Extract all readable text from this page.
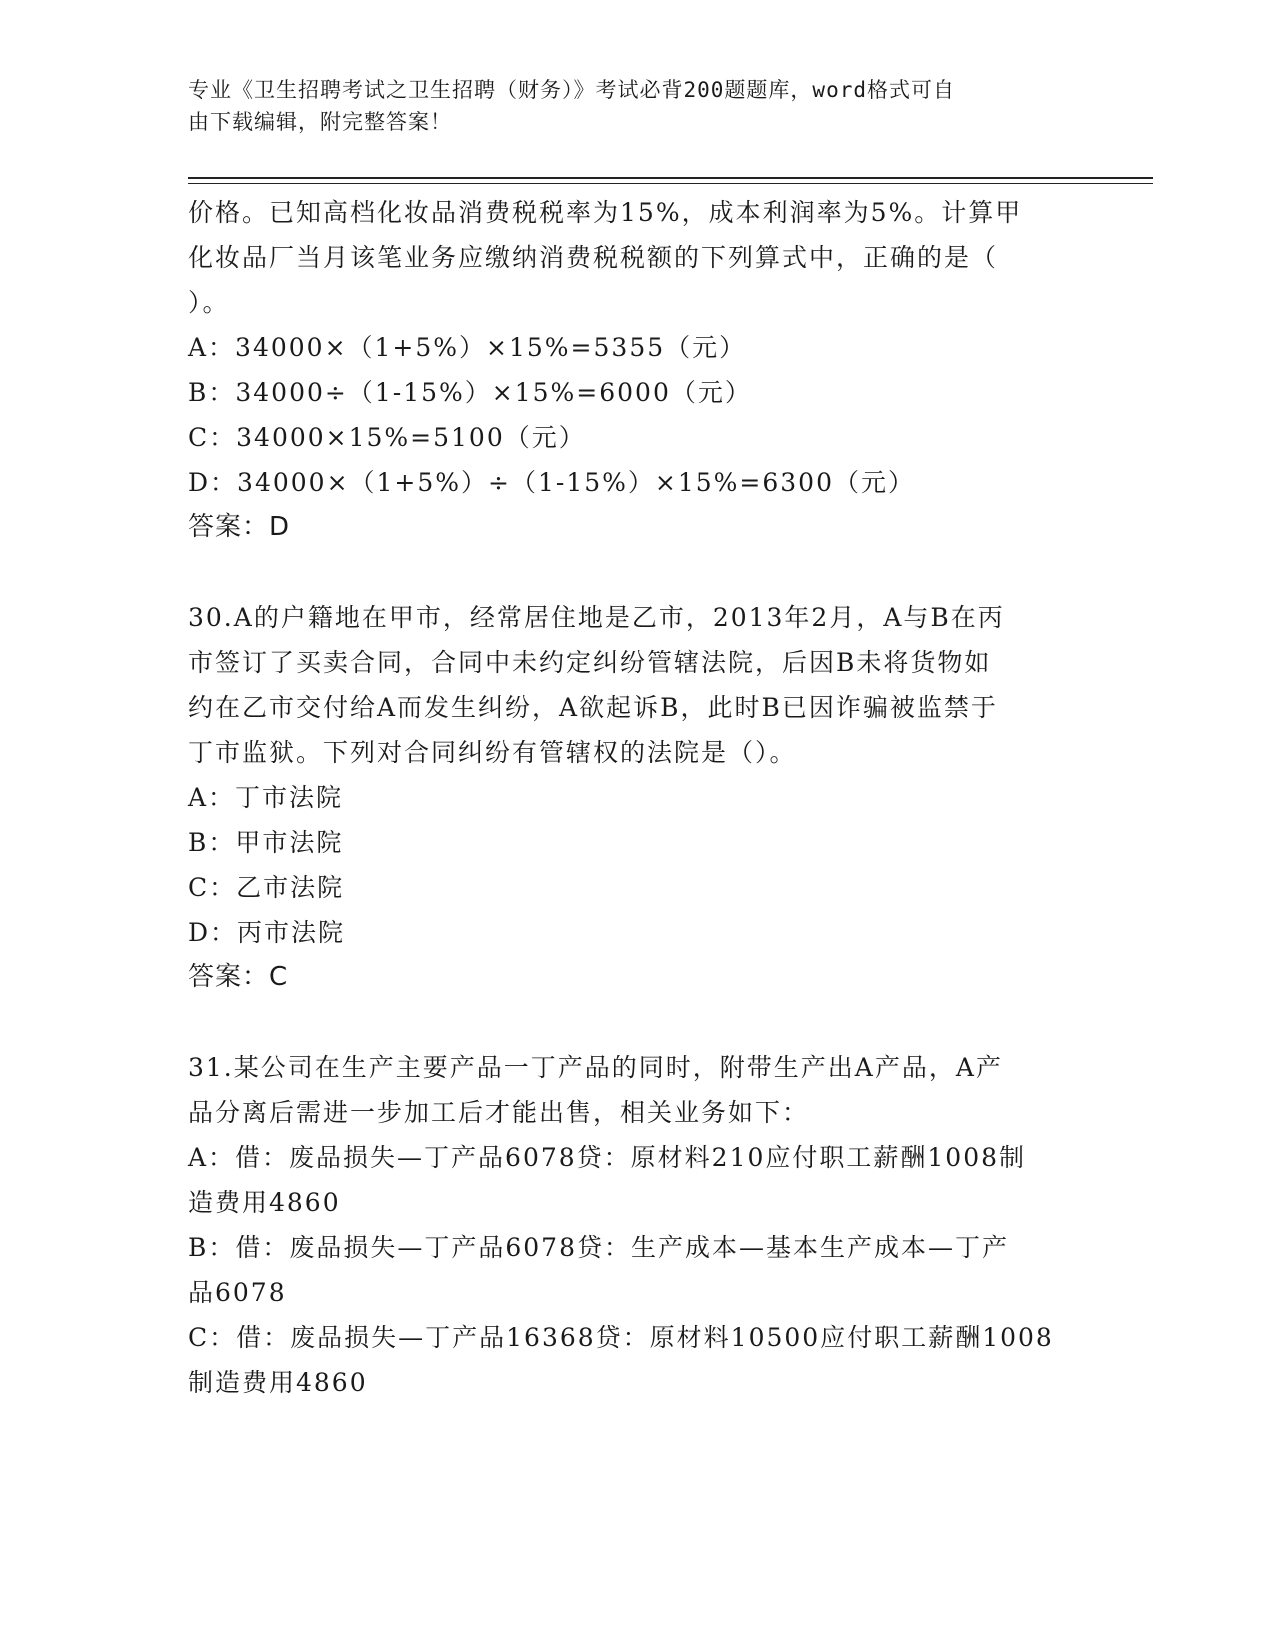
专业《卫生招聘考试之卫生招聘（财务）》考试必背200题题库，word格式可自
由下载编辑，附完整答案！
价格。已知高档化妆品消费税税率为15%，成本利润率为5%。计算甲
化妆品厂当月该笔业务应缴纳消费税税额的下列算式中，正确的是（
）。
A：34000×（1+5%）×15%=5355（元）
B：34000÷（1-15%）×15%=6000（元）
C：34000×15%=5100（元）
D：34000×（1+5%）÷（1-15%）×15%=6300（元）
答案：D
30.A的户籍地在甲市，经常居住地是乙市，2013年2月，A与B在丙
市签订了买卖合同，合同中未约定纠纷管辖法院，后因B未将货物如
约在乙市交付给A而发生纠纷，A欲起诉B，此时B已因诈骗被监禁于
丁市监狱。下列对合同纠纷有管辖权的法院是（）。
A：丁市法院
B：甲市法院
C：乙市法院
D：丙市法院
答案：C
31.某公司在生产主要产品一丁产品的同时，附带生产出A产品，A产
品分离后需进一步加工后才能出售，相关业务如下：
A：借：废品损失—丁产品6078贷：原材料210应付职工薪酬1008制
造费用4860
B：借：废品损失—丁产品6078贷：生产成本—基本生产成本—丁产
品6078
C：借：废品损失—丁产品16368贷：原材料10500应付职工薪酬1008
制造费用4860
